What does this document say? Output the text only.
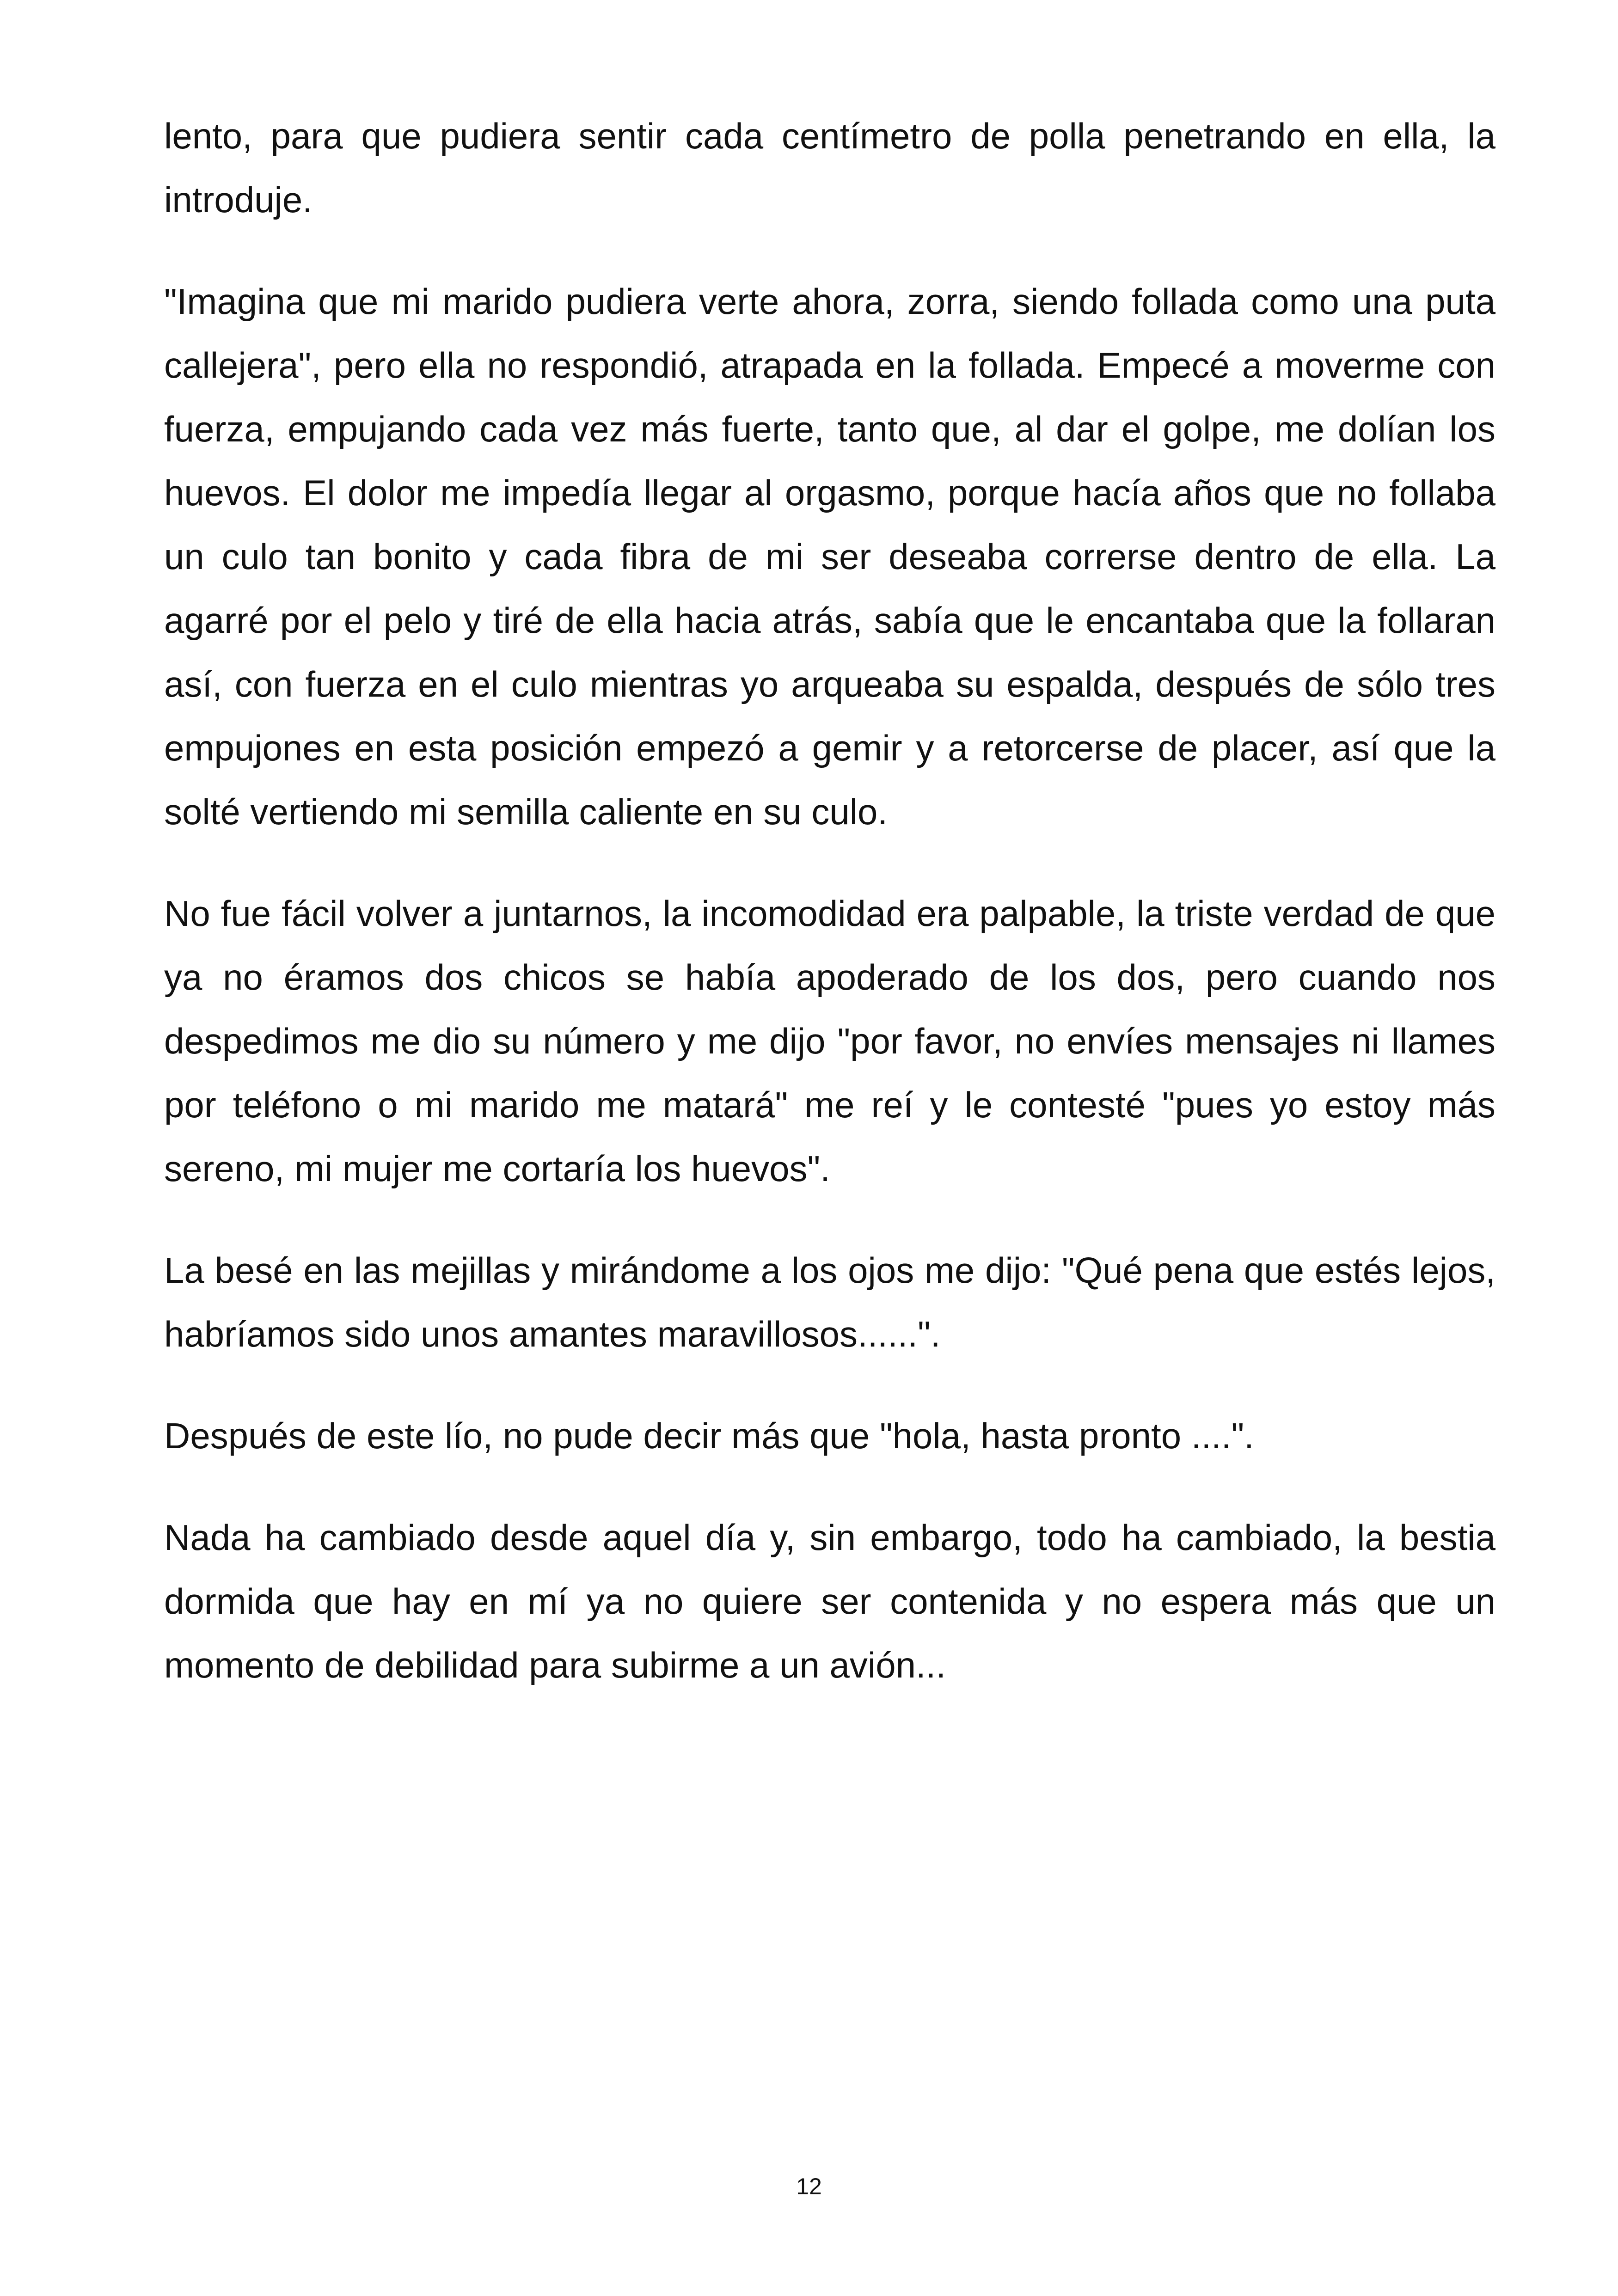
lento, para que pudiera sentir cada centímetro de polla penetrando en ella, la introduje.

"Imagina que mi marido pudiera verte ahora, zorra, siendo follada como una puta callejera", pero ella no respondió, atrapada en la follada. Empecé a moverme con fuerza, empujando cada vez más fuerte, tanto que, al dar el golpe, me dolían los huevos. El dolor me impedía llegar al orgasmo, porque hacía años que no follaba un culo tan bonito y cada fibra de mi ser deseaba correrse dentro de ella. La agarré por el pelo y tiré de ella hacia atrás, sabía que le encantaba que la follaran así, con fuerza en el culo mientras yo arqueaba su espalda, después de sólo tres empujones en esta posición empezó a gemir y a retorcerse de placer, así que la solté vertiendo mi semilla caliente en su culo.

No fue fácil volver a juntarnos, la incomodidad era palpable, la triste verdad de que ya no éramos dos chicos se había apoderado de los dos, pero cuando nos despedimos me dio su número y me dijo "por favor, no envíes mensajes ni llames por teléfono o mi marido me matará" me reí y le contesté "pues yo estoy más sereno, mi mujer me cortaría los huevos".

La besé en las mejillas y mirándome a los ojos me dijo: "Qué pena que estés lejos, habríamos sido unos amantes maravillosos......".

Después de este lío, no pude decir más que "hola, hasta pronto ....".

Nada ha cambiado desde aquel día y, sin embargo, todo ha cambiado, la bestia dormida que hay en mí ya no quiere ser contenida y no espera más que un momento de debilidad para subirme a un avión...

12
